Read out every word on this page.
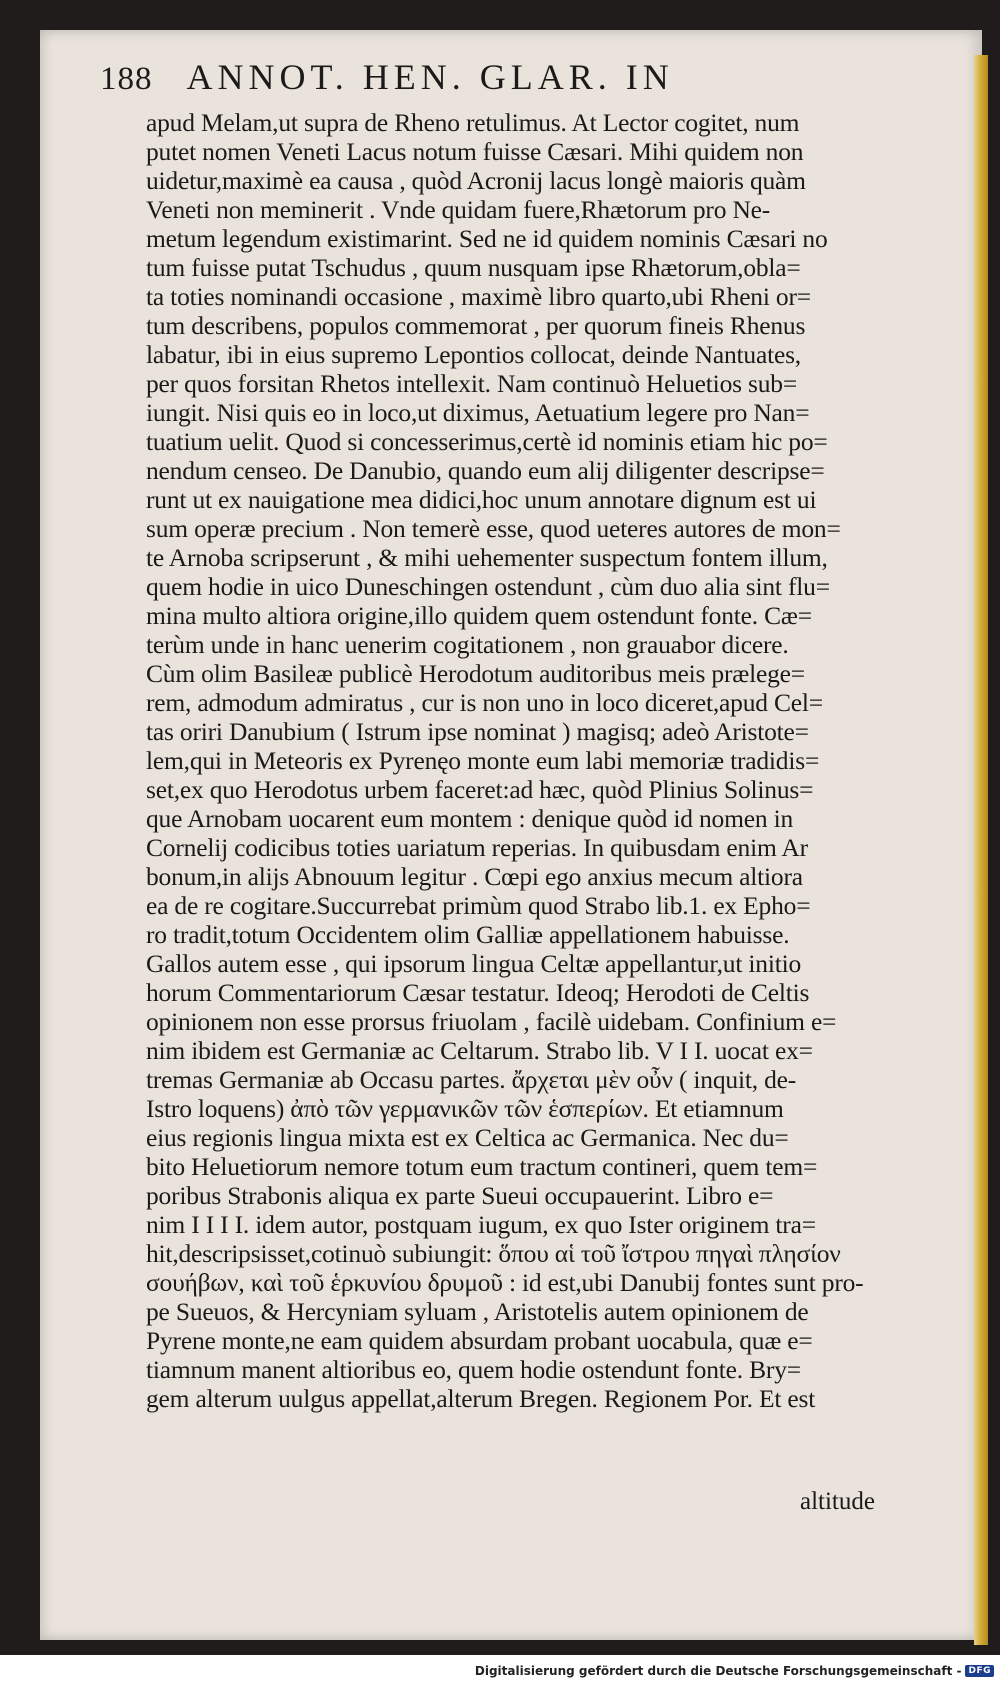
188 ANNOT. HEN. GLAR. IN
apud Melam,ut supra de Rheno retulimus. At Lector cogitet, num
putet nomen Veneti Lacus notum fuisse Cæsari. Mihi quidem non
uidetur,maximè ea causa , quòd Acronij lacus longè maioris quàm
Veneti non meminerit . Vnde quidam fuere,Rhætorum pro Ne-
metum legendum existimarint. Sed ne id quidem nominis Cæsari no
tum fuisse putat Tschudus , quum nusquam ipse Rhætorum,obla=
ta toties nominandi occasione , maximè libro quarto,ubi Rheni or=
tum describens, populos commemorat , per quorum fineis Rhenus
labatur, ibi in eius supremo Lepontios collocat, deinde Nantuates,
per quos forsitan Rhetos intellexit. Nam continuò Heluetios sub=
iungit. Nisi quis eo in loco,ut diximus, Aetuatium legere pro Nan=
tuatium uelit. Quod si concesserimus,certè id nominis etiam hic po=
nendum censeo. De Danubio, quando eum alij diligenter descripse=
runt ut ex nauigatione mea didici,hoc unum annotare dignum est ui
sum operæ precium . Non temerè esse, quod ueteres autores de mon=
te Arnoba scripserunt , & mihi uehementer suspectum fontem illum,
quem hodie in uico Duneschingen ostendunt , cùm duo alia sint flu=
mina multo altiora origine,illo quidem quem ostendunt fonte. Cæ=
terùm unde in hanc uenerim cogitationem , non grauabor dicere.
Cùm olim Basileæ publicè Herodotum auditoribus meis prælege=
rem, admodum admiratus , cur is non uno in loco diceret,apud Cel=
tas oriri Danubium ( Istrum ipse nominat ) magisq; adeò Aristote=
lem,qui in Meteoris ex Pyrenęo monte eum labi memoriæ tradidis=
set,ex quo Herodotus urbem faceret:ad hæc, quòd Plinius Solinus=
que Arnobam uocarent eum montem : denique quòd id nomen in
Cornelij codicibus toties uariatum reperias. In quibusdam enim Ar
bonum,in alijs Abnouum legitur . Cœpi ego anxius mecum altiora
ea de re cogitare.Succurrebat primùm quod Strabo lib.1. ex Epho=
ro tradit,totum Occidentem olim Galliæ appellationem habuisse.
Gallos autem esse , qui ipsorum lingua Celtæ appellantur,ut initio
horum Commentariorum Cæsar testatur. Ideoq; Herodoti de Celtis
opinionem non esse prorsus friuolam , facilè uidebam. Confinium e=
nim ibidem est Germaniæ ac Celtarum. Strabo lib. V I I. uocat ex=
tremas Germaniæ ab Occasu partes. ἄρχεται μὲν οὖν ( inquit, de-
Istro loquens) ἀπὸ τῶν γερμανικῶν τῶν ἑσπερίων. Et etiamnum
eius regionis lingua mixta est ex Celtica ac Germanica. Nec du=
bito Heluetiorum nemore totum eum tractum contineri, quem tem=
poribus Strabonis aliqua ex parte Sueui occupauerint. Libro e=
nim I I I I. idem autor, postquam iugum, ex quo Ister originem tra=
hit,descripsisset,cotinuò subiungit: ὅπου αἱ τοῦ ἴστρου πηγαὶ πλησίον
σουήβων, καὶ τοῦ ἑρκυνίου δρυμοῦ : id est,ubi Danubij fontes sunt pro-
pe Sueuos, & Hercyniam syluam , Aristotelis autem opinionem de
Pyrene monte,ne eam quidem absurdam probant uocabula, quæ e=
tiamnum manent altioribus eo, quem hodie ostendunt fonte. Bry=
gem alterum uulgus appellat,alterum Bregen. Regionem Por. Et est
altitude
Digitalisierung gefördert durch die Deutsche Forschungsgemeinschaft - DFG
